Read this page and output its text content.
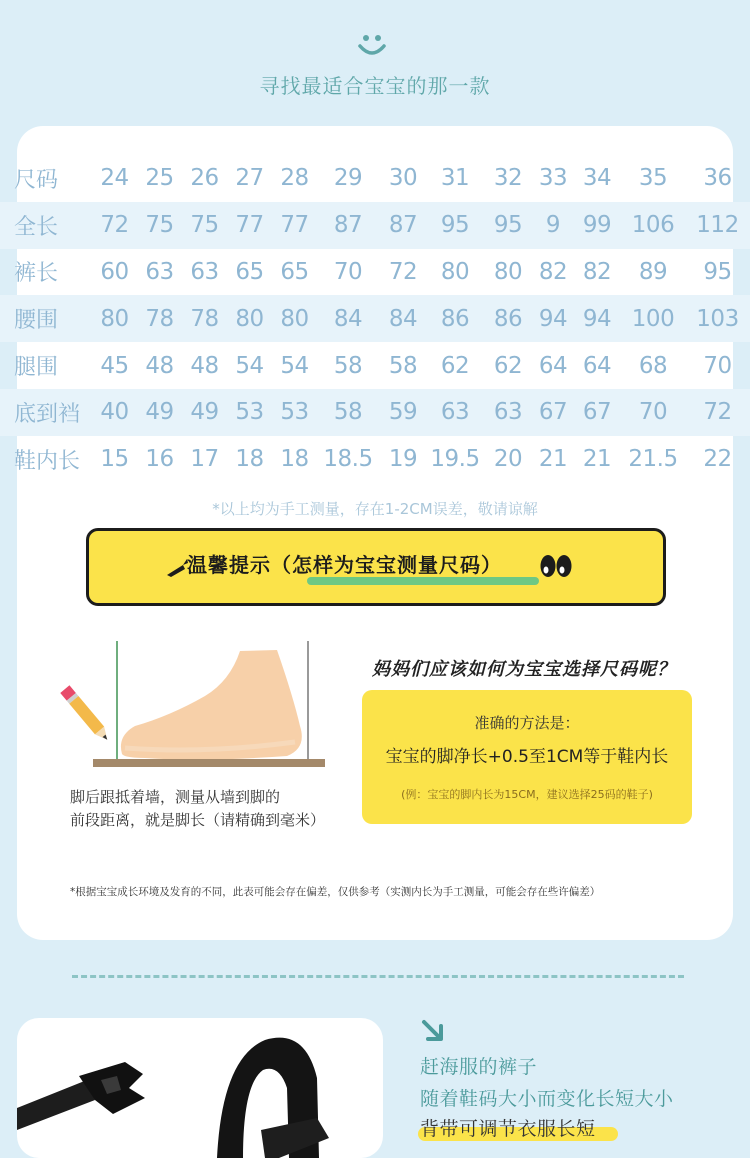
寻找最适合宝宝的那一款
尺码	24	25	26	27	28	29	30	31	32	33	34	35	36
全长	72	75	75	77	77	87	87	95	95	9	99	106	112
裤长	60	63	63	65	65	70	72	80	80	82	82	89	95
腰围	80	78	78	80	80	84	84	86	86	94	94	100	103
腿围	45	48	48	54	54	58	58	62	62	64	64	68	70
底到裆	40	49	49	53	53	58	59	63	63	67	67	70	72
鞋内长	15	16	17	18	18	18.5	19	19.5	20	21	21	21.5	22
*以上均为手工测量，存在1-2CM误差，敬请谅解
温馨提示（怎样为宝宝测量尺码）
脚后跟抵着墙，测量从墙到脚的
前段距离，就是脚长（请精确到毫米）
妈妈们应该如何为宝宝选择尺码呢？
准确的方法是：
宝宝的脚净长+0.5至1CM等于鞋内长
(例：宝宝的脚内长为15CM，建议选择25码的鞋子)
*根据宝宝成长环境及发育的不同，此表可能会存在偏差，仅供参考（实测内长为手工测量，可能会存在些许偏差）
赶海服的裤子
随着鞋码大小而变化长短大小
背带可调节衣服长短
